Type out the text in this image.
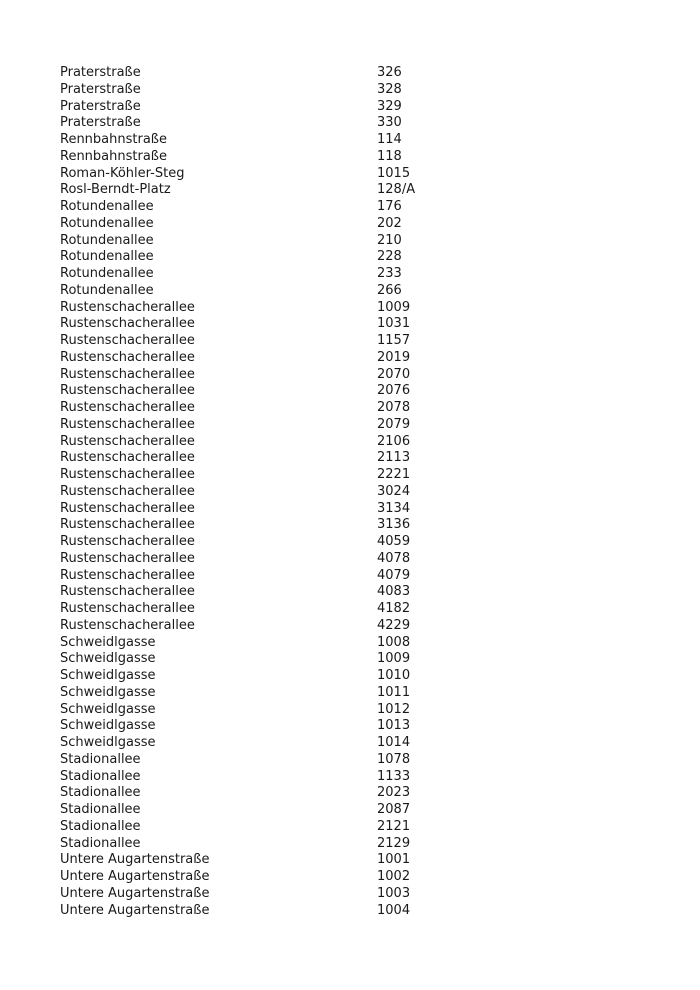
Praterstraße	326
Praterstraße	328
Praterstraße	329
Praterstraße	330
Rennbahnstraße	114
Rennbahnstraße	118
Roman-Köhler-Steg	1015
Rosl-Berndt-Platz	128/A
Rotundenallee	176
Rotundenallee	202
Rotundenallee	210
Rotundenallee	228
Rotundenallee	233
Rotundenallee	266
Rustenschacherallee	1009
Rustenschacherallee	1031
Rustenschacherallee	1157
Rustenschacherallee	2019
Rustenschacherallee	2070
Rustenschacherallee	2076
Rustenschacherallee	2078
Rustenschacherallee	2079
Rustenschacherallee	2106
Rustenschacherallee	2113
Rustenschacherallee	2221
Rustenschacherallee	3024
Rustenschacherallee	3134
Rustenschacherallee	3136
Rustenschacherallee	4059
Rustenschacherallee	4078
Rustenschacherallee	4079
Rustenschacherallee	4083
Rustenschacherallee	4182
Rustenschacherallee	4229
Schweidlgasse	1008
Schweidlgasse	1009
Schweidlgasse	1010
Schweidlgasse	1011
Schweidlgasse	1012
Schweidlgasse	1013
Schweidlgasse	1014
Stadionallee	1078
Stadionallee	1133
Stadionallee	2023
Stadionallee	2087
Stadionallee	2121
Stadionallee	2129
Untere Augartenstraße	1001
Untere Augartenstraße	1002
Untere Augartenstraße	1003
Untere Augartenstraße	1004
